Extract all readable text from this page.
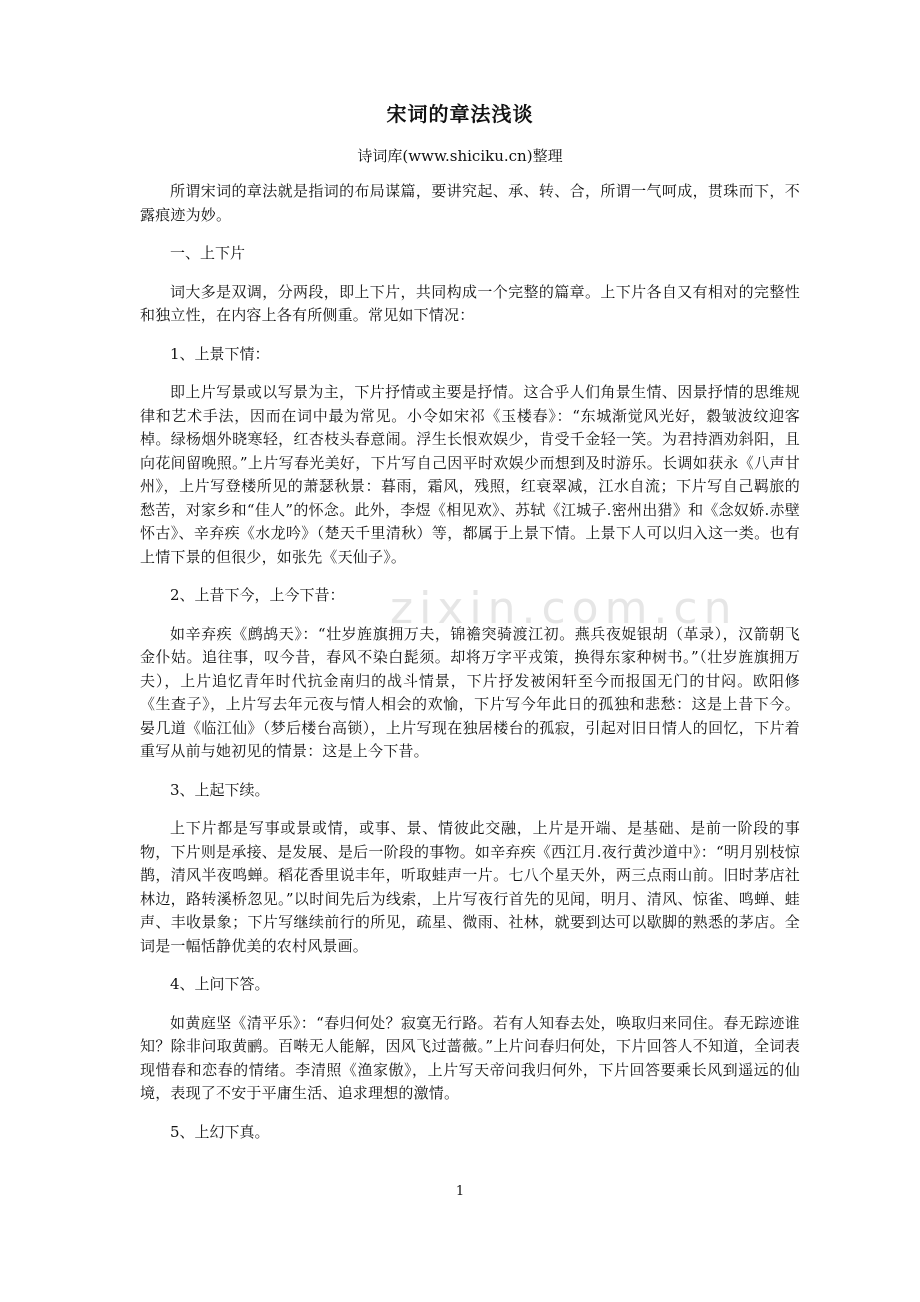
zixin.com.cn
宋词的章法浅谈
诗词库(www.shiciku.cn)整理

所谓宋词的章法就是指词的布局谋篇，要讲究起、承、转、合，所谓一气呵成，贯珠而下，不露痕迹为妙。

一、上下片

词大多是双调，分两段，即上下片，共同构成一个完整的篇章。上下片各自又有相对的完整性和独立性，在内容上各有所侧重。常见如下情况：

1、上景下情：

即上片写景或以写景为主，下片抒情或主要是抒情。这合乎人们角景生情、因景抒情的思维规律和艺术手法，因而在词中最为常见。小令如宋祁《玉楼春》：“东城渐觉风光好，縠皱波纹迎客棹。绿杨烟外晓寒轻，红杏枝头春意闹。浮生长恨欢娱少，肯受千金轻一笑。为君持酒劝斜阳，且向花间留晚照。”上片写春光美好，下片写自己因平时欢娱少而想到及时游乐。长调如获永《八声甘州》，上片写登楼所见的萧瑟秋景：暮雨，霜风，残照，红衰翠减，江水自流；下片写自己羁旅的愁苦，对家乡和“佳人”的怀念。此外，李煜《相见欢》、苏轼《江城子.密州出猎》和《念奴娇.赤壁怀古》、辛弃疾《水龙吟》（楚天千里清秋）等，都属于上景下情。上景下人可以归入这一类。也有上情下景的但很少，如张先《天仙子》。

2、上昔下今，上今下昔：

如辛弃疾《鹧鸪天》：“壮岁旌旗拥万夫，锦襜突骑渡江初。燕兵夜娖银胡（革录），汉箭朝飞金仆姑。追往事，叹今昔，春风不染白髭须。却将万字平戎策，换得东家种树书。”（壮岁旌旗拥万夫），上片追忆青年时代抗金南归的战斗情景，下片抒发被闲轩至今而报国无门的甘闷。欧阳修《生查子》，上片写去年元夜与情人相会的欢愉，下片写今年此日的孤独和悲愁：这是上昔下今。晏几道《临江仙》（梦后楼台高锁），上片写现在独居楼台的孤寂，引起对旧日情人的回忆，下片着重写从前与她初见的情景：这是上今下昔。

3、上起下续。

上下片都是写事或景或情，或事、景、情彼此交融，上片是开端、是基础、是前一阶段的事物，下片则是承接、是发展、是后一阶段的事物。如辛弃疾《西江月.夜行黄沙道中》：“明月别枝惊鹊，清风半夜鸣蝉。稻花香里说丰年，听取蛙声一片。七八个星天外，两三点雨山前。旧时茅店社林边，路转溪桥忽见。”以时间先后为线索，上片写夜行首先的见闻，明月、清风、惊雀、鸣蝉、蛙声、丰收景象；下片写继续前行的所见，疏星、微雨、社林，就要到达可以歇脚的熟悉的茅店。全词是一幅恬静优美的农村风景画。

4、上问下答。

如黄庭坚《清平乐》：“春归何处？寂寞无行路。若有人知春去处，唤取归来同住。春无踪迹谁知？除非问取黄鹂。百啭无人能解，因风飞过蔷薇。”上片问春归何处，下片回答人不知道，全词表现惜春和恋春的情绪。李清照《渔家傲》，上片写天帝问我归何外，下片回答要乘长风到遥远的仙境，表现了不安于平庸生活、追求理想的激情。

5、上幻下真。

1
